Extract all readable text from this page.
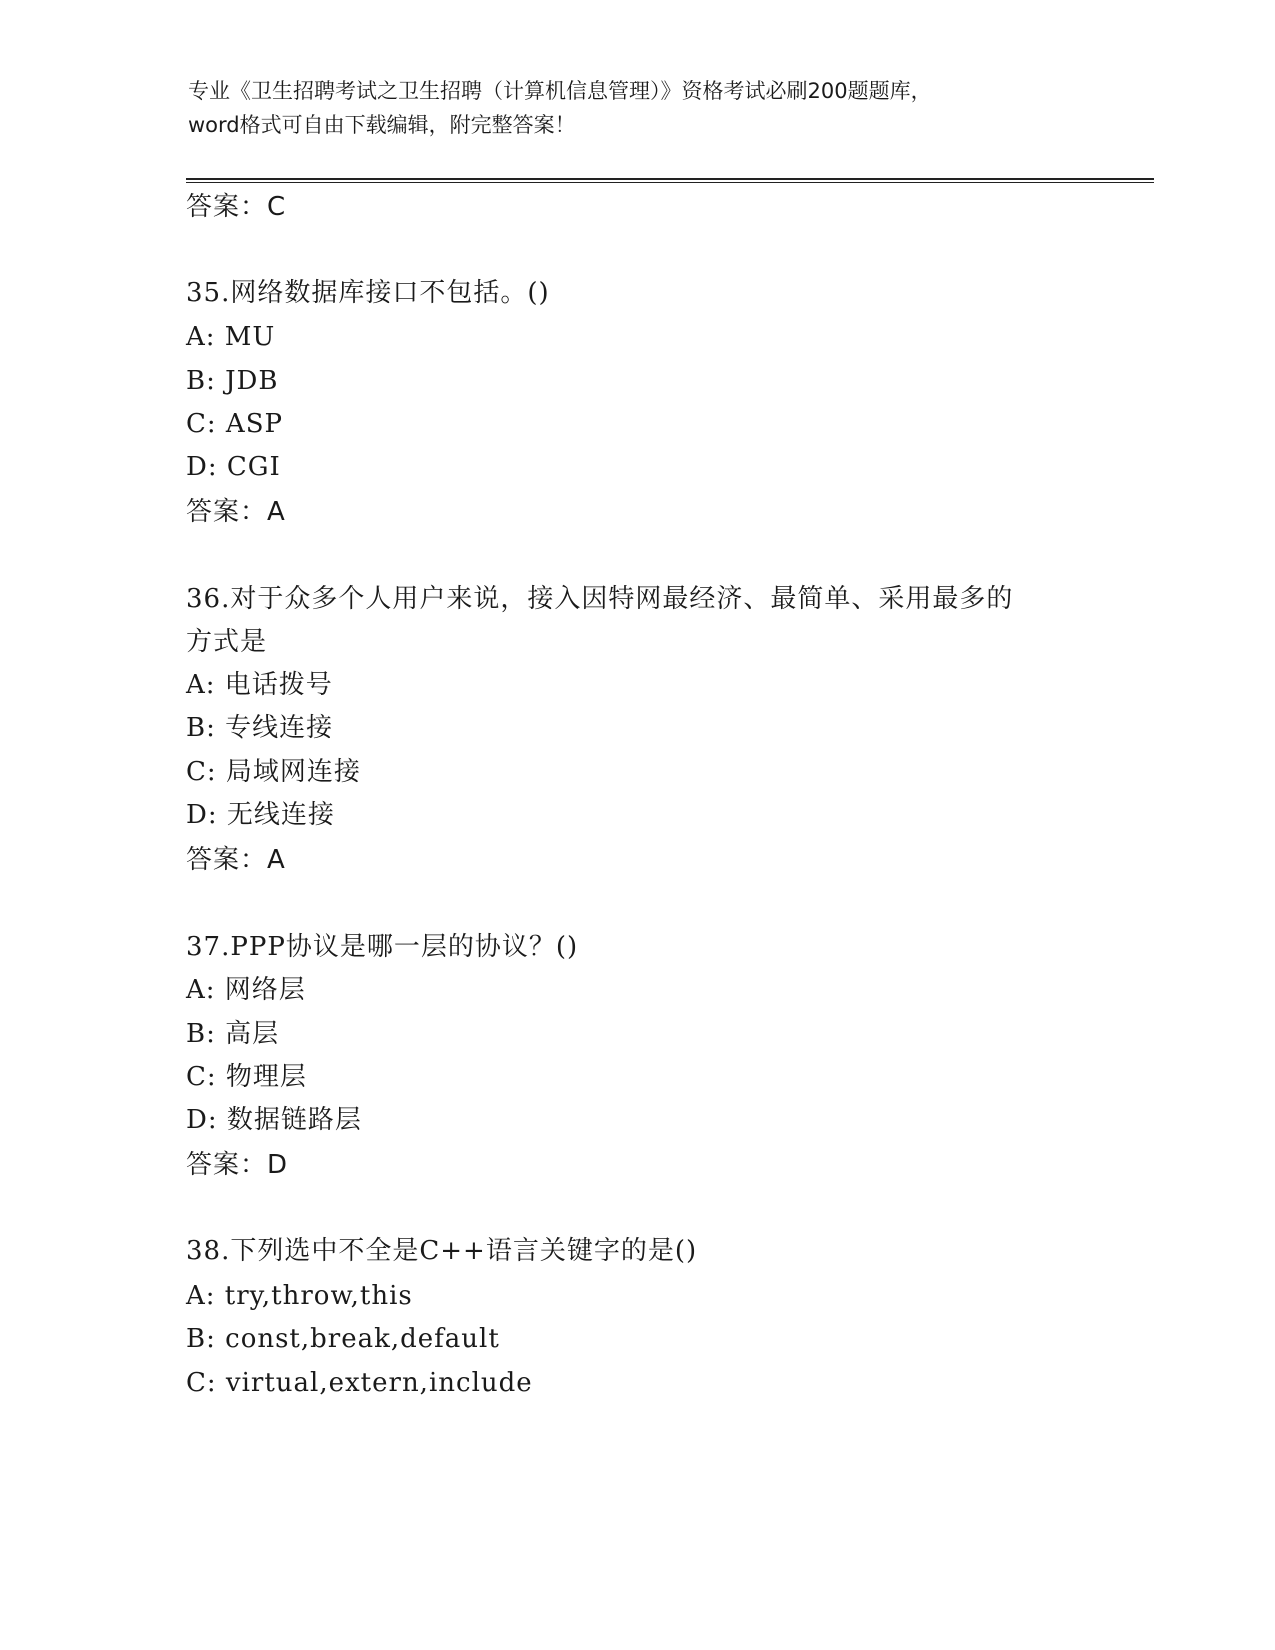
专业《卫生招聘考试之卫生招聘（计算机信息管理）》资格考试必刷200题题库，
word格式可自由下载编辑，附完整答案！
答案：C
35.网络数据库接口不包括。()
A: MU
B: JDB
C: ASP
D: CGI
答案：A
36.对于众多个人用户来说，接入因特网最经济、最简单、采用最多的
方式是
A: 电话拨号
B: 专线连接
C: 局域网连接
D: 无线连接
答案：A
37.PPP协议是哪一层的协议？()
A: 网络层
B: 高层
C: 物理层
D: 数据链路层
答案：D
38.下列选中不全是C++语言关键字的是()
A: try,throw,this
B: const,break,default
C: virtual,extern,include
